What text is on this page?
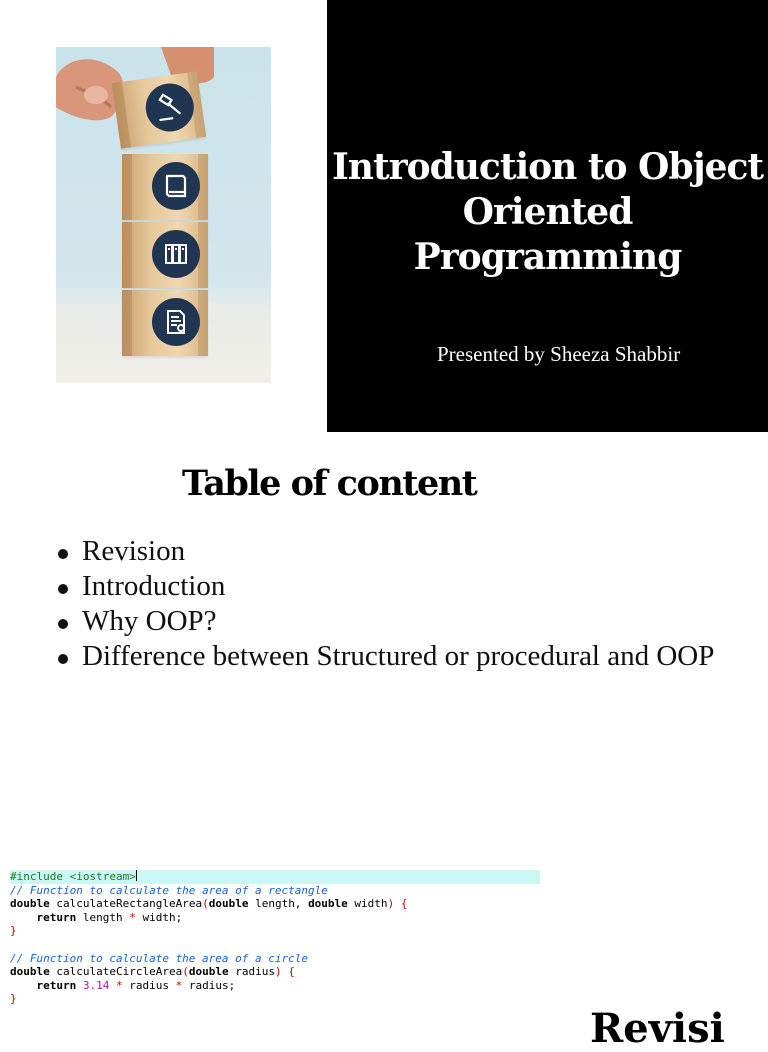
Introduction to Object
Oriented
Programming
Presented by Sheeza Shabbir
Table of content
Revision
Introduction
Why OOP?
Difference between Structured or procedural and OOP
#include <iostream>
// Function to calculate the area of a rectangle
double calculateRectangleArea(double length, double width) {
return length * width;
}
// Function to calculate the area of a circle
double calculateCircleArea(double radius) {
return 3.14 * radius * radius;
}
Revisi
